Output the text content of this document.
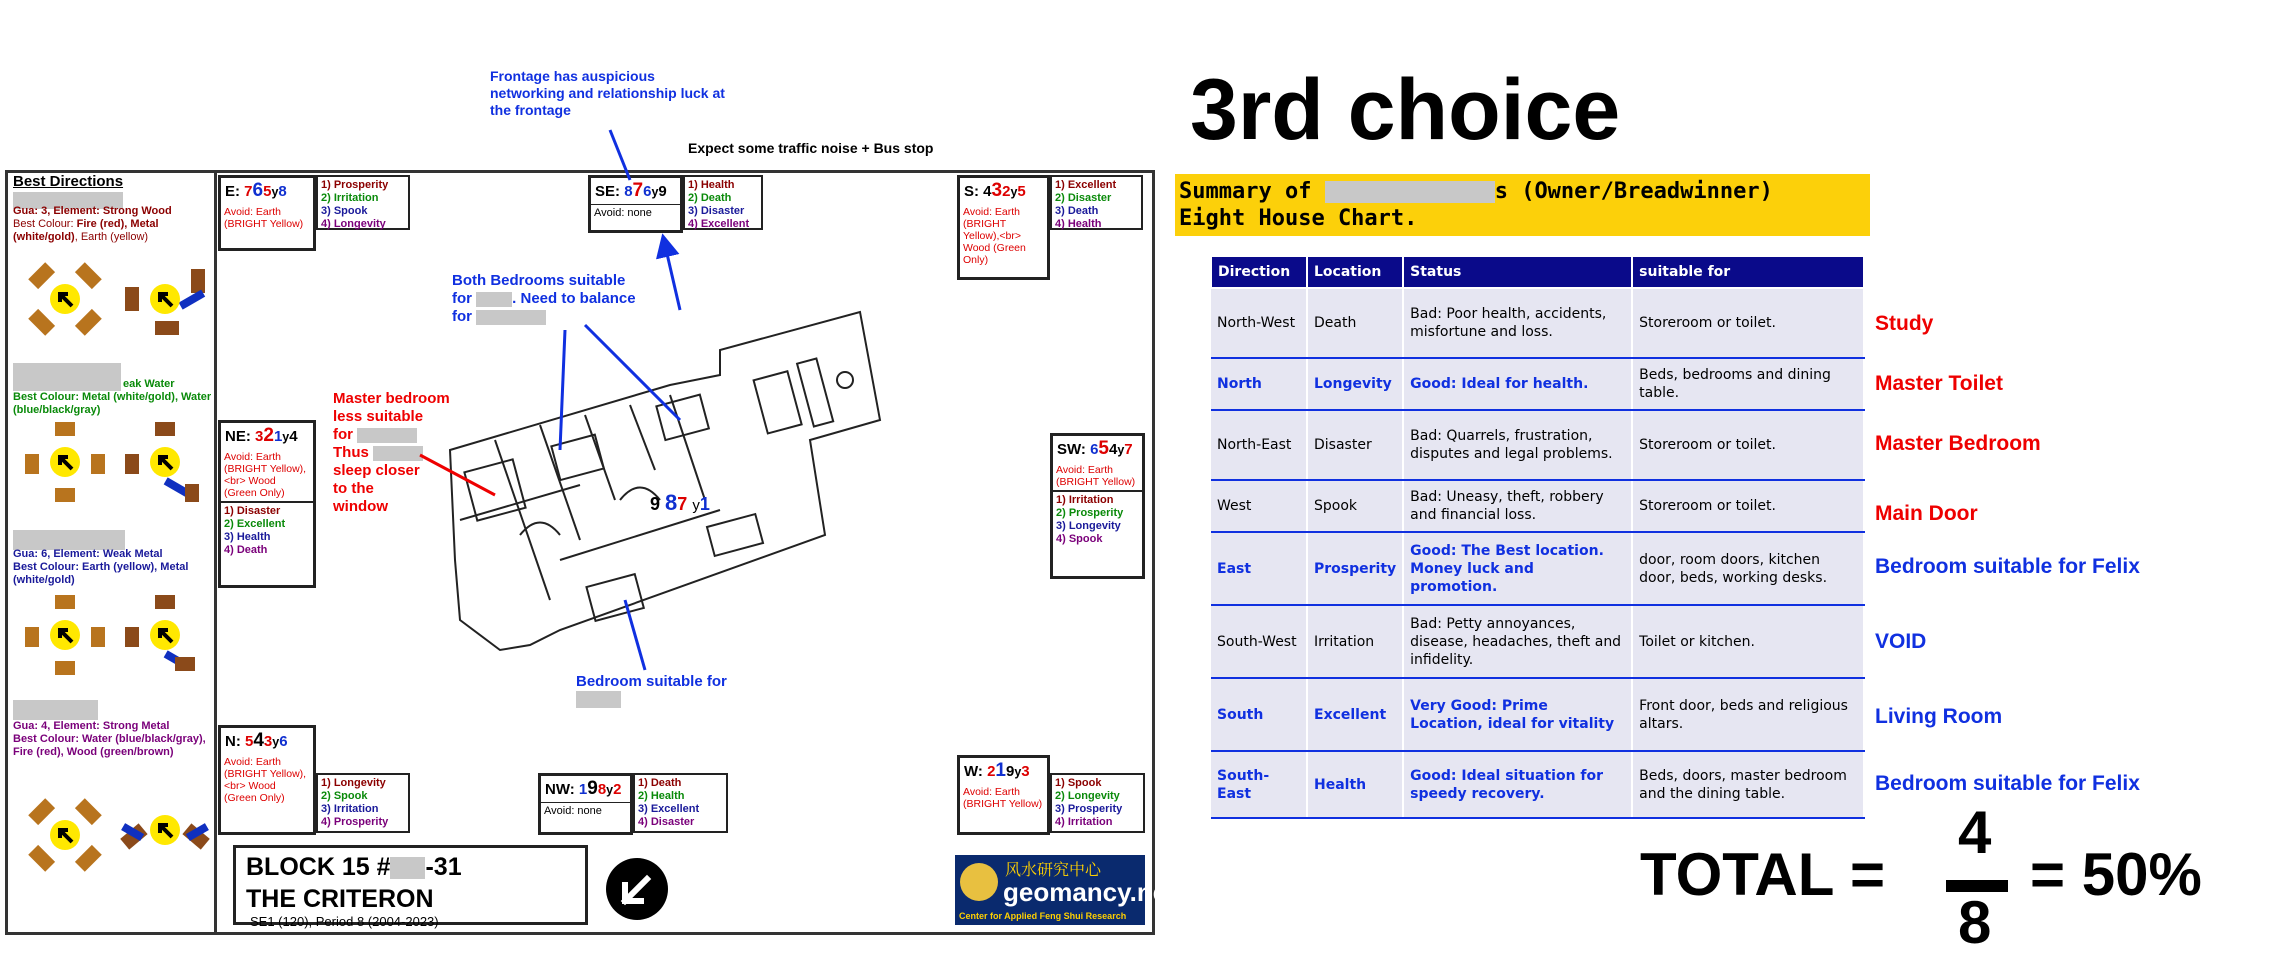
Best Directions
Gua: 3, Element: Strong Wood
Best Colour: Fire (red), Metal (white/gold), Earth (yellow)
eak Water
Best Colour: Metal (white/gold), Water (blue/black/gray)
Gua: 6, Element: Weak Metal
Best Colour: Earth (yellow), Metal (white/gold)
Gua: 4, Element: Strong Metal
Best Colour: Water (blue/black/gray), Fire (red), Wood (green/brown)
E: 765y8
Avoid: Earth (BRIGHT Yellow)
1) Prosperity
2) Irritation
3) Spook
4) Longevity
SE: 876y9
Avoid: none
1) Health
2) Death
3) Disaster
4) Excellent
S: 432y5
Avoid: Earth (BRIGHT Yellow),<br> Wood (Green Only)
1) Excellent
2) Disaster
3) Death
4) Health
NE: 321y4
Avoid: Earth (BRIGHT Yellow),<br> Wood (Green Only)
1) Disaster
2) Excellent
3) Health
4) Death
SW: 654y7
Avoid: Earth (BRIGHT Yellow)
1) Irritation
2) Prosperity
3) Longevity
4) Spook
N: 543y6
Avoid: Earth (BRIGHT Yellow),<br> Wood (Green Only)
1) Longevity
2) Spook
3) Irritation
4) Prosperity
NW: 198y2
Avoid: none
1) Death
2) Health
3) Excellent
4) Disaster
W: 219y3
Avoid: Earth (BRIGHT Yellow)
1) Spook
2) Longevity
3) Prosperity
4) Irritation
9 87 y1
Frontage has auspicious networking and relationship luck at the frontage
Expect some traffic noise + Bus stop
Both Bedrooms suitable
for	. Need to balance
for
Master bedroom
less suitable
for
Thus
sleep closer
to the
window
Bedroom suitable for
BLOCK 15 # -31
THE CRITERON
SE1 (120), Period 8 (2004-2023)
风水研究中心
geomancy.net
Center for Applied Feng Shui Research
3rd choice
Summary of	s (Owner/Breadwinner)
Eight House Chart.
Direction	Location	Status	suitable for
North-West	Death	Bad: Poor health, accidents, misfortune and loss.	Storeroom or toilet.
North	Longevity	Good: Ideal for health.	Beds, bedrooms and dining table.
North-East	Disaster	Bad: Quarrels, frustration, disputes and legal problems.	Storeroom or toilet.
West	Spook	Bad: Uneasy, theft, robbery and financial loss.	Storeroom or toilet.
East	Prosperity	Good: The Best location. Money luck and promotion.	door, room doors, kitchen door, beds, working desks.
South-West	Irritation	Bad: Petty annoyances, disease, headaches, theft and infidelity.	Toilet or kitchen.
South	Excellent	Very Good: Prime Location, ideal for vitality	Front door, beds and religious altars.
South-East	Health	Good: Ideal situation for speedy recovery.	Beds, doors, master bedroom and the dining table.
Study
Master Toilet
Master Bedroom
Main Door
Bedroom suitable for Felix
VOID
Living Room
Bedroom suitable for Felix
TOTAL =
4
8
= 50%
